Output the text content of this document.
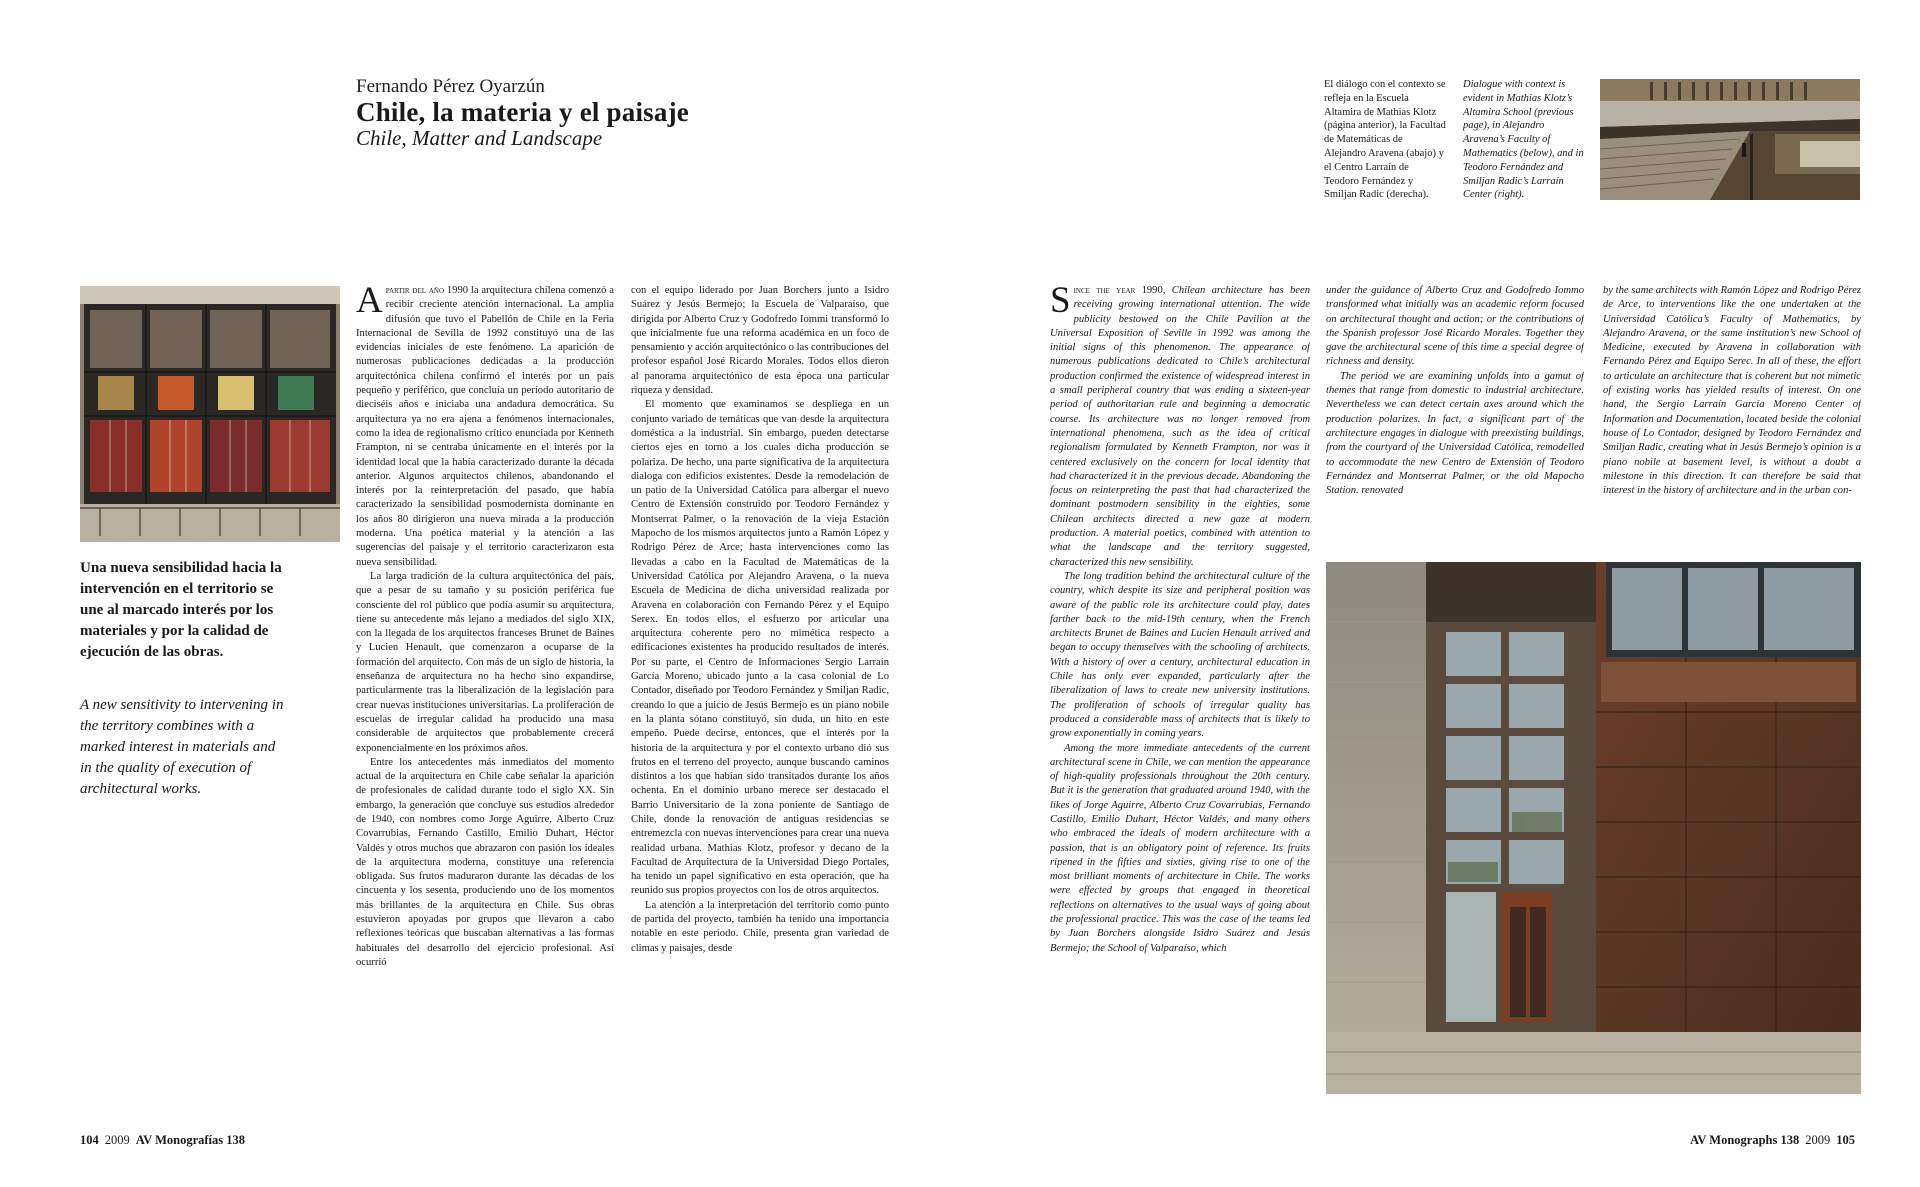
Fernando Pérez Oyarzún
Chile, la materia y el paisaje
Chile, Matter and Landscape
El diálogo con el contexto se refleja en la Escuela Altamira de Mathias Klotz (página anterior), la Facultad de Matemáticas de Alejandro Aravena (abajo) y el Centro Larraín de Teodoro Fernández y Smiljan Radic (derecha).
Dialogue with context is evident in Mathias Klotz’s Altamira School (previous page), in Alejandro Aravena’s Faculty of Mathematics (below), and in Teodoro Fernández and Smiljan Radic’s Larraín Center (right).
Una nueva sensibilidad hacia la intervención en el territorio se une al marcado interés por los materiales y por la calidad de ejecución de las obras.
A new sensitivity to intervening in the territory combines with a marked interest in materials and in the quality of execution of architectural works.

Apartir del año 1990 la arquitectura chilena comenzó a recibir creciente atención internacional. La amplia difusión que tuvo el Pabellón de Chile en la Feria Internacional de Sevilla de 1992 constituyó una de las evidencias iniciales de este fenómeno. La aparición de numerosas publicaciones dedicadas a la producción arquitectónica chilena confirmó el interés por un país pequeño y periférico, que concluía un período autoritario de dieciséis años e iniciaba una andadura democrática. Su arquitectura ya no era ajena a fenómenos internacionales, como la idea de regionalismo crítico enunciada por Kenneth Frampton, ni se centraba únicamente en el interés por la identidad local que la había caracterizado durante la década anterior. Algunos arquitectos chilenos, abandonando el interés por la reinterpretación del pasado, que había caracterizado la sensibilidad posmodernista dominante en los años 80 dirigieron una nueva mirada a la producción moderna. Una poética material y la atención a las sugerencias del paisaje y el territorio caracterizaron esta nueva sensibilidad.

La larga tradición de la cultura arquitectónica del país, que a pesar de su tamaño y su posición periférica fue consciente del rol público que podía asumir su arquitectura, tiene su antecedente más lejano a mediados del siglo XIX, con la llegada de los arquitectos franceses Brunet de Baines y Lucien Henault, que comenzaron a ocuparse de la formación del arquitecto. Con más de un siglo de historia, la enseñanza de arquitectura no ha hecho sino expandirse, particularmente tras la liberalización de la legislación para crear nuevas instituciones universitarias. La proliferación de escuelas de irregular calidad ha producido una masa considerable de arquitectos que probablemente crecerá exponencialmente en los próximos años.

Entre los antecedentes más inmediatos del momento actual de la arquitectura en Chile cabe señalar la aparición de profesionales de calidad durante todo el siglo XX. Sin embargo, la generación que concluye sus estudios alrededor de 1940, con nombres como Jorge Aguirre, Alberto Cruz Covarrubias, Fernando Castillo, Emilio Duhart, Héctor Valdés y otros muchos que abrazaron con pasión los ideales de la arquitectura moderna, constituye una referencia obligada. Sus frutos maduraron durante las décadas de los cincuenta y los sesenta, produciendo uno de los momentos más brillantes de la arquitectura en Chile. Sus obras estuvieron apoyadas por grupos que llevaron a cabo reflexiones teóricas que buscaban alternativas a las formas habituales del desarrollo del ejercicio profesional. Así ocurrió

con el equipo liderado por Juan Borchers junto a Isidro Suárez y Jesús Bermejo; la Escuela de Valparaíso, que dirigida por Alberto Cruz y Godofredo Iommi transformó lo que inicialmente fue una reforma académica en un foco de pensamiento y acción arquitectónico o las contribuciones del profesor español José Ricardo Morales. Todos ellos dieron al panorama arquitectónico de esta época una particular riqueza y densidad.

El momento que examinamos se despliega en un conjunto variado de temáticas que van desde la arquitectura doméstica a la industrial. Sin embargo, pueden detectarse ciertos ejes en torno a los cuales dicha producción se polariza. De hecho, una parte significativa de la arquitectura dialoga con edificios existentes. Desde la remodelación de un patio de la Universidad Católica para albergar el nuevo Centro de Extensión construido por Teodoro Fernández y Montserrat Palmer, o la renovación de la vieja Estación Mapocho de los mismos arquitectos junto a Ramón López y Rodrigo Pérez de Arce; hasta intervenciones como las llevadas a cabo en la Facultad de Matemáticas de la Universidad Católica por Alejandro Aravena, o la nueva Escuela de Medicina de dicha universidad realizada por Aravena en colaboración con Fernando Pérez y el Equipo Serex. En todos ellos, el esfuerzo por articular una arquitectura coherente pero no mimética respecto a edificaciones existentes ha producido resultados de interés. Por su parte, el Centro de Informaciones Sergio Larraín García Moreno, ubicado junto a la casa colonial de Lo Contador, diseñado por Teodoro Fernández y Smiljan Radic, creando lo que a juicio de Jesús Bermejo es un piano nobile en la planta sótano constituyó, sin duda, un hito en este empeño. Puede decirse, entonces, que el interés por la historia de la arquitectura y por el contexto urbano dió sus frutos en el terreno del proyecto, aunque buscando caminos distintos a los que habían sido transitados durante los años ochenta. En el dominio urbano merece ser destacado el Barrio Universitario de la zona poniente de Santiago de Chile, donde la renovación de antiguas residencias se entremezcla con nuevas intervenciones para crear una nueva realidad urbana. Mathias Klotz, profesor y decano de la Facultad de Arquitectura de la Universidad Diego Portales, ha tenido un papel significativo en esta operación, que ha reunido sus propios proyectos con los de otros arquitectos.

La atención a la interpretación del territorio como punto de partida del proyecto, también ha tenido una importancia notable en este período. Chile, presenta gran variedad de climas y paisajes, desde

Since the year 1990, Chilean architecture has been receiving growing international attention. The wide publicity bestowed on the Chile Pavilion at the Universal Exposition of Seville in 1992 was among the initial signs of this phenomenon. The appearance of numerous publications dedicated to Chile’s architectural production confirmed the existence of widespread interest in a small peripheral country that was ending a sixteen-year period of authoritarian rule and beginning a democratic course. Its architecture was no longer removed from international phenomena, such as the idea of critical regionalism formulated by Kenneth Frampton, nor was it centered exclusively on the concern for local identity that had characterized it in the previous decade. Abandoning the focus on reinterpreting the past that had characterized the dominant postmodern sensibility in the eighties, some Chilean architects directed a new gaze at modern production. A material poetics, combined with attention to what the landscape and the territory suggested, characterized this new sensibility.

The long tradition behind the architectural culture of the country, which despite its size and peripheral position was aware of the public role its architecture could play, dates farther back to the mid-19th century, when the French architects Brunet de Baines and Lucien Henault arrived and began to occupy themselves with the schooling of architects. With a history of over a century, architectural education in Chile has only ever expanded, particularly after the liberalization of laws to create new university institutions. The proliferation of schools of irregular quality has produced a considerable mass of architects that is likely to grow exponentially in coming years.

Among the more immediate antecedents of the current architectural scene in Chile, we can mention the appearance of high-quality professionals throughout the 20th century. But it is the generation that graduated around 1940, with the likes of Jorge Aguirre, Alberto Cruz Covarrubias, Fernando Castillo, Emilio Duhart, Héctor Valdés, and many others who embraced the ideals of modern architecture with a passion, that is an obligatory point of reference. Its fruits ripened in the fifties and sixties, giving rise to one of the most brilliant moments of architecture in Chile. The works were effected by groups that engaged in theoretical reflections on alternatives to the usual ways of going about the professional practice. This was the case of the teams led by Juan Borchers alongside Isidro Suárez and Jesús Bermejo; the School of Valparaíso, which

under the guidance of Alberto Cruz and Godofredo Iommo transformed what initially was an academic reform focused on architectural thought and action; or the contributions of the Spanish professor José Ricardo Morales. Together they gave the architectural scene of this time a special degree of richness and density.

The period we are examining unfolds into a gamut of themes that range from domestic to industrial architecture. Nevertheless we can detect certain axes around which the production polarizes. In fact, a significant part of the architecture engages in dialogue with preexisting buildings, from the courtyard of the Universidad Católica, remodelled to accommodate the new Centro de Extensión of Teodoro Fernández and Montserrat Palmer, or the old Mapocho Station. renovated

by the same architects with Ramón López and Rodrigo Pérez de Arce, to interventions like the one undertaken at the Universidad Católica’s Faculty of Mathematics, by Alejandro Aravena, or the same institution’s new School of Medicine, executed by Aravena in collaboration with Fernando Pérez and Equipo Serec. In all of these, the effort to articulate an architecture that is coherent but not mimetic of existing works has yielded results of interest. On one hand, the Sergio Larraín García Moreno Center of Information and Documentation, located beside the colonial house of Lo Contador, designed by Teodoro Fernández and Smiljan Radic, creating what in Jesús Bermejo’s opinion is a piano nobile at basement level, is without a doubt a milestone in this direction. It can therefore be said that interest in the history of architecture and in the urban con-

104 2009 AV Monografías 138	AV Monographs 138 2009 105
